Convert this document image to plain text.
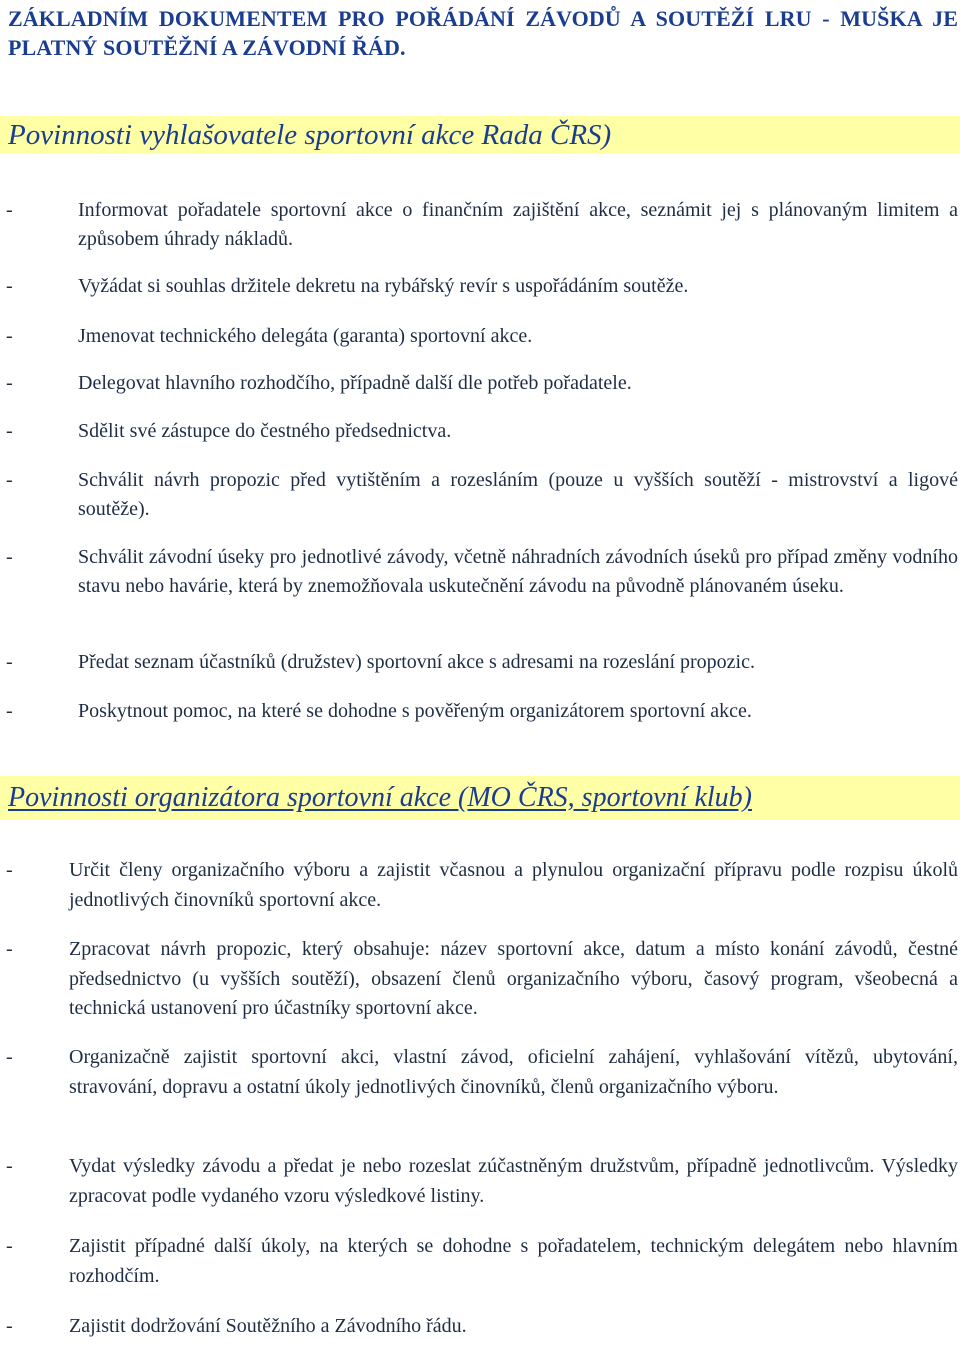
ZÁKLADNÍM DOKUMENTEM PRO POŘÁDÁNÍ ZÁVODŮ A SOUTĚŽÍ LRU - MUŠKA JE PLATNÝ SOUTĚŽNÍ A ZÁVODNÍ ŘÁD.
Povinnosti vyhlašovatele sportovní akce Rada ČRS)
-	Informovat pořadatele sportovní akce o finančním zajištění akce, seznámit jej s plánovaným limitem a způsobem úhrady nákladů.
-	Vyžádat si souhlas držitele dekretu na rybářský revír s uspořádáním soutěže.
-	Jmenovat technického delegáta (garanta) sportovní akce.
-	Delegovat hlavního rozhodčího, případně další dle potřeb pořadatele.
-	Sdělit své zástupce do čestného předsednictva.
-	Schválit návrh propozic před vytištěním a rozesláním (pouze u vyšších soutěží - mistrovství a ligové soutěže).
-	Schválit závodní úseky pro jednotlivé závody, včetně náhradních závodních úseků pro případ změny vodního stavu nebo havárie, která by znemožňovala uskutečnění závodu na původně plánovaném úseku.
-	Předat seznam účastníků (družstev) sportovní akce s adresami na rozeslání propozic.
-	Poskytnout pomoc, na které se dohodne s pověřeným organizátorem sportovní akce.
Povinnosti organizátora sportovní akce (MO ČRS, sportovní klub)
-	Určit členy organizačního výboru a zajistit včasnou a plynulou organizační přípravu podle rozpisu úkolů jednotlivých činovníků sportovní akce.
-	Zpracovat návrh propozic, který obsahuje: název sportovní akce, datum a místo konání závodů, čestné předsednictvo (u vyšších soutěží), obsazení členů organizačního výboru, časový program, všeobecná a technická ustanovení pro účastníky sportovní akce.
-	Organizačně zajistit sportovní akci, vlastní závod, oficielní zahájení, vyhlašování vítězů, ubytování, stravování, dopravu a ostatní úkoly jednotlivých činovníků, členů organizačního výboru.
-	Vydat výsledky závodu a předat je nebo rozeslat zúčastněným družstvům, případně jednotlivcům. Výsledky zpracovat podle vydaného vzoru výsledkové listiny.
-	Zajistit případné další úkoly, na kterých se dohodne s pořadatelem, technickým delegátem nebo hlavním rozhodčím.
-	Zajistit dodržování Soutěžního a Závodního řádu.
